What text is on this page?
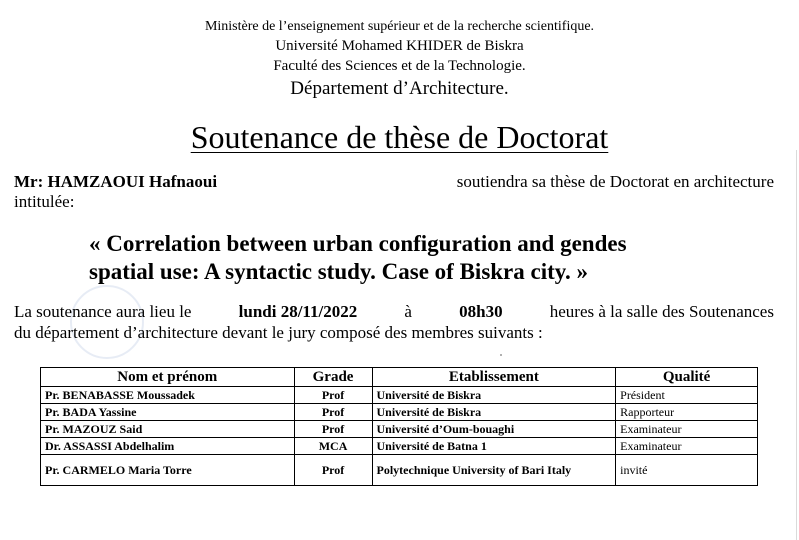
Ministère de l’enseignement supérieur et de la recherche scientifique.
Université Mohamed KHIDER de Biskra
Faculté des Sciences et de la Technologie.
Département d’Architecture.
Soutenance de thèse de Doctorat
Mr: HAMZAOUI Hafnaoui	soutiendra sa thèse de Doctorat en architecture
intitulée:
« Correlation between urban configuration and gendes
spatial use: A syntactic study. Case of Biskra city. »
La soutenance aura lieu le	lundi 28/11/2022	à	08h30	heures à la salle des Soutenances
du département d’architecture devant le jury composé des membres suivants :
Nom et prénom	Grade	Etablissement	Qualité
Pr. BENABASSE Moussadek	Prof	Université de Biskra	Président
Pr. BADA Yassine	Prof	Université de Biskra	Rapporteur
Pr. MAZOUZ Said	Prof	Université d’Oum-bouaghi	Examinateur
Dr. ASSASSI Abdelhalim	MCA	Université de Batna 1	Examinateur
Pr. CARMELO Maria Torre	Prof	Polytechnique University of Bari Italy	invité
